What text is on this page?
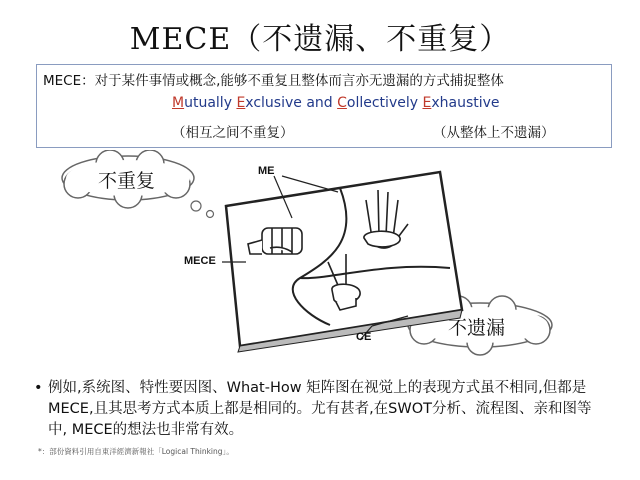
MECE（不遗漏、不重复）
MECE：对于某件事情或概念,能够不重复且整体而言亦无遗漏的方式捕捉整体
Mutually Exclusive and Collectively Exhaustive
（相互之间不重复）	（从整体上不遗漏）
不重复
不遗漏
ME
MECE
CE
• 例如,系统图、特性要因图、What-How 矩阵图在视觉上的表现方式虽不相同,但都是MECE,且其思考方式本质上都是相同的。尤有甚者,在SWOT分析、流程图、亲和图等中, MECE的想法也非常有效。
*：部份資料引用自東洋經濟新報社「Logical Thinking」。
